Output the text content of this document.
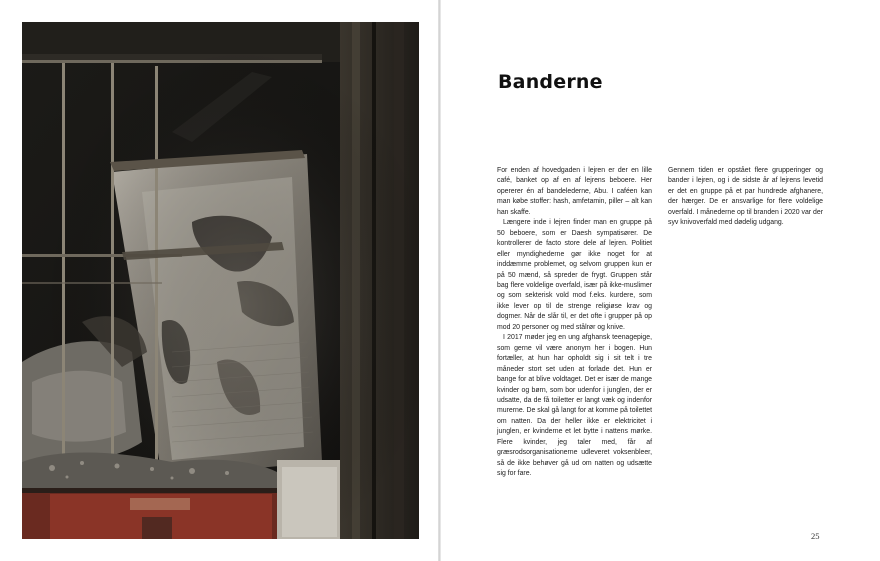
Banderne

For enden af hovedgaden i lejren er der en lille café, banket op af en af lejrens beboere. Her opererer én af bandelederne, Abu. I caféen kan man købe stoffer: hash, amfetamin, piller – alt kan han skaffe.

Længere inde i lejren finder man en gruppe på 50 beboere, som er Daesh sympatisører. De kontrollerer de facto store dele af lejren. Politiet eller myndighederne gør ikke noget for at inddæmme problemet, og selvom gruppen kun er på 50 mænd, så spreder de frygt. Gruppen står bag flere voldelige overfald, især på ikke-muslimer og som sekterisk vold mod f.eks. kurdere, som ikke lever op til de strenge religiøse krav og dogmer. Når de slår til, er det ofte i grupper på op mod 20 personer og med stålrør og knive.

I 2017 møder jeg en ung afghansk teenagepige, som gerne vil være anonym her i bogen. Hun fortæller, at hun har opholdt sig i sit telt i tre måneder stort set uden at forlade det. Hun er bange for at blive voldtaget. Det er især de mange kvinder og børn, som bor udenfor i junglen, der er udsatte, da de få toiletter er langt væk og indenfor murerne. De skal gå langt for at komme på toilettet om natten. Da der heller ikke er elektricitet i junglen, er kvinderne et let bytte i nattens mørke. Flere kvinder, jeg taler med, får af græsrodsorganisationerne udleveret voksenbleer, så de ikke behøver gå ud om natten og udsætte sig for fare.

Gennem tiden er opstået flere grupperinger og bander i lejren, og i de sidste år af lejrens levetid er det en gruppe på et par hundrede afghanere, der hærger. De er ansvarlige for flere voldelige overfald. I månederne op til branden i 2020 var der syv knivoverfald med dødelig udgang.

25
